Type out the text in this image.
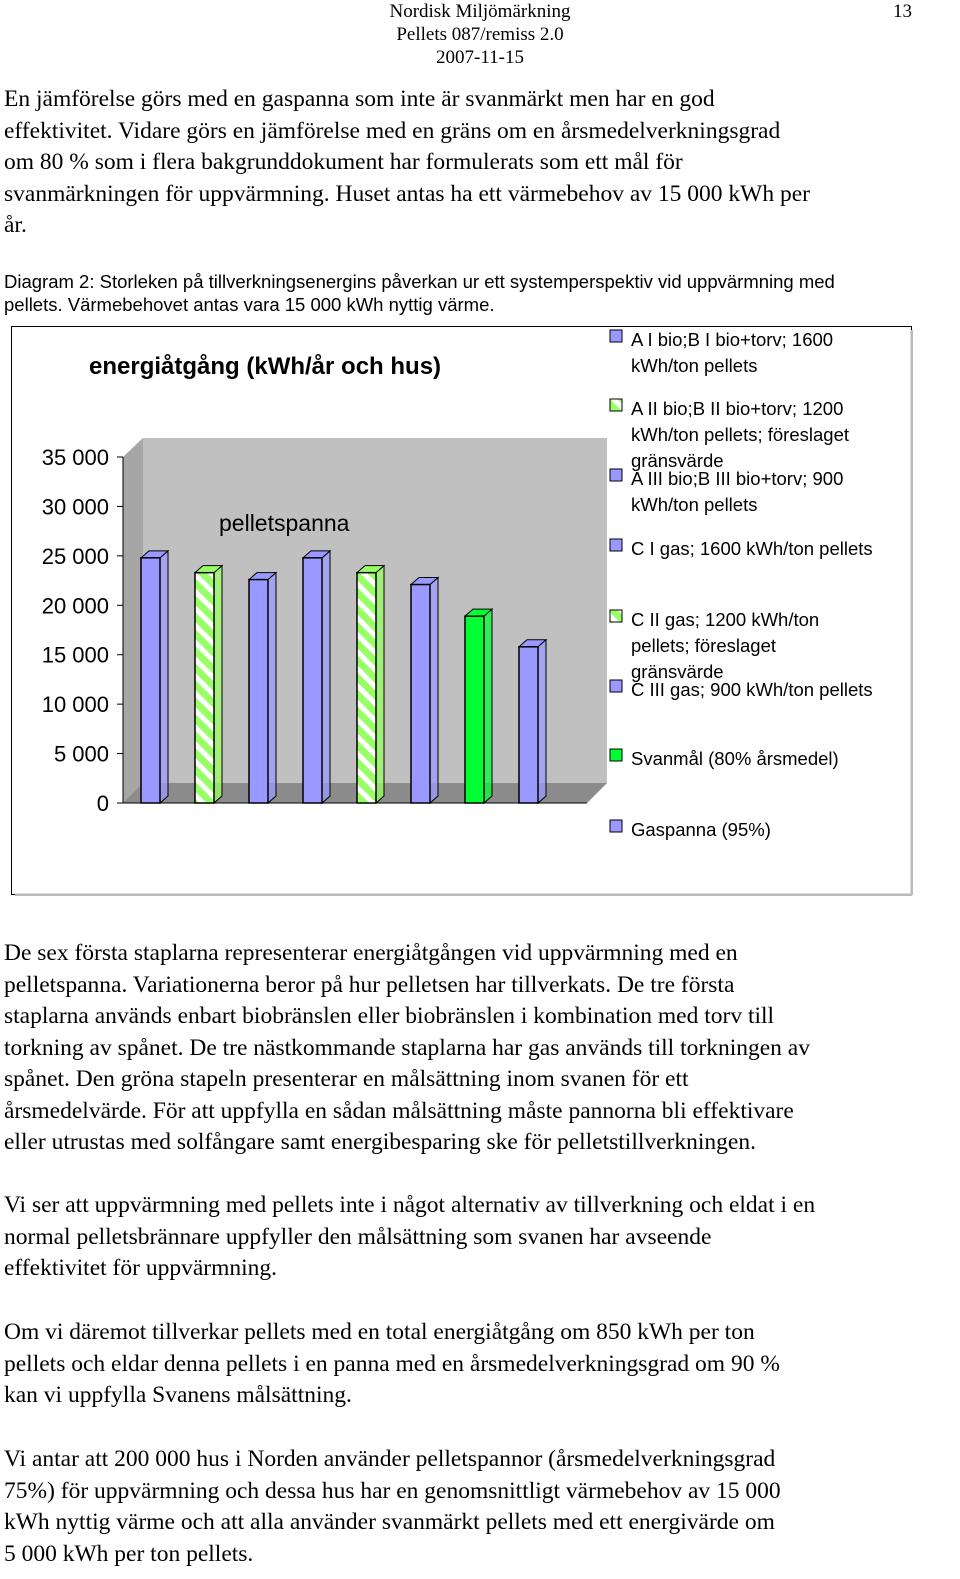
Nordisk Miljömärkning
Pellets 087/remiss 2.0
2007-11-15
13

En jämförelse görs med en gaspanna som inte är svanmärkt men har en god
effektivitet. Vidare görs en jämförelse med en gräns om en årsmedelverkningsgrad
om 80 % som i flera bakgrunddokument har formulerats som ett mål för
svanmärkningen för uppvärmning. Huset antas ha ett värmebehov av 15 000 kWh per
år.

Diagram 2: Storleken på tillverkningsenergins påverkan ur ett systemperspektiv vid uppvärmning med
pellets. Värmebehovet antas vara 15 000 kWh nyttig värme.
energiåtgång (kWh/år och hus)
pelletspanna
0
5 000
10 000
15 000
20 000
25 000
30 000
35 000
A I bio;B I bio+torv; 1600
kWh/ton pellets
A II bio;B II bio+torv; 1200
kWh/ton pellets; föreslaget
gränsvärde
A III bio;B III bio+torv; 900
kWh/ton pellets
C I gas; 1600 kWh/ton pellets
C II gas; 1200 kWh/ton
pellets; föreslaget
gränsvärde
C III gas; 900 kWh/ton pellets
Svanmål (80% årsmedel)
Gaspanna (95%)

De sex första staplarna representerar energiåtgången vid uppvärmning med en
pelletspanna. Variationerna beror på hur pelletsen har tillverkats. De tre första
staplarna används enbart biobränslen eller biobränslen i kombination med torv till
torkning av spånet. De tre nästkommande staplarna har gas används till torkningen av
spånet. Den gröna stapeln presenterar en målsättning inom svanen för ett
årsmedelvärde. För att uppfylla en sådan målsättning måste pannorna bli effektivare
eller utrustas med solfångare samt energibesparing ske för pelletstillverkningen.

Vi ser att uppvärmning med pellets inte i något alternativ av tillverkning och eldat i en
normal pelletsbrännare uppfyller den målsättning som svanen har avseende
effektivitet för uppvärmning.

Om vi däremot tillverkar pellets med en total energiåtgång om 850 kWh per ton
pellets och eldar denna pellets i en panna med en årsmedelverkningsgrad om 90 %
kan vi uppfylla Svanens målsättning.

Vi antar att 200 000 hus i Norden använder pelletspannor (årsmedelverkningsgrad
75%) för uppvärmning och dessa hus har en genomsnittligt värmebehov av 15 000
kWh nyttig värme och att alla använder svanmärkt pellets med ett energivärde om
5 000 kWh per ton pellets.
